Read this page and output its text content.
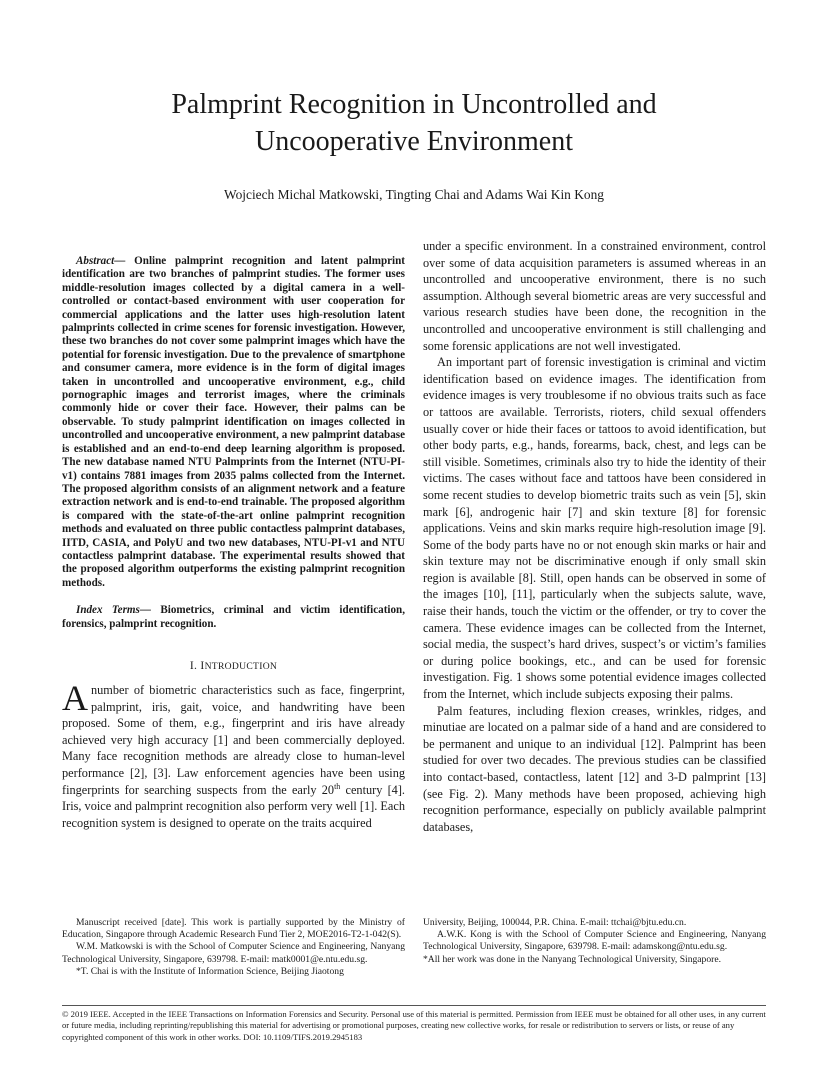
Palmprint Recognition in Uncontrolled and
Uncooperative Environment
Wojciech Michal Matkowski, Tingting Chai and Adams Wai Kin Kong

Abstract— Online palmprint recognition and latent palmprint identification are two branches of palmprint studies. The former uses middle-resolution images collected by a digital camera in a well-controlled or contact-based environment with user cooperation for commercial applications and the latter uses high-resolution latent palmprints collected in crime scenes for forensic investigation. However, these two branches do not cover some palmprint images which have the potential for forensic investigation. Due to the prevalence of smartphone and consumer camera, more evidence is in the form of digital images taken in uncontrolled and uncooperative environment, e.g., child pornographic images and terrorist images, where the criminals commonly hide or cover their face. However, their palms can be observable. To study palmprint identification on images collected in uncontrolled and uncooperative environment, a new palmprint database is established and an end-to-end deep learning algorithm is proposed. The new database named NTU Palmprints from the Internet (NTU-PI-v1) contains 7881 images from 2035 palms collected from the Internet. The proposed algorithm consists of an alignment network and a feature extraction network and is end-to-end trainable. The proposed algorithm is compared with the state-of-the-art online palmprint recognition methods and evaluated on three public contactless palmprint databases, IITD, CASIA, and PolyU and two new databases, NTU-PI-v1 and NTU contactless palmprint database. The experimental results showed that the proposed algorithm outperforms the existing palmprint recognition methods.

Index Terms— Biometrics, criminal and victim identification, forensics, palmprint recognition.

I. INTRODUCTION

Anumber of biometric characteristics such as face, fingerprint, palmprint, iris, gait, voice, and handwriting have been proposed. Some of them, e.g., fingerprint and iris have already achieved very high accuracy [1] and been commercially deployed. Many face recognition methods are already close to human-level performance [2], [3]. Law enforcement agencies have been using fingerprints for searching suspects from the early 20th century [4]. Iris, voice and palmprint recognition also perform very well [1]. Each recognition system is designed to operate on the traits acquired

under a specific environment. In a constrained environment, control over some of data acquisition parameters is assumed whereas in an uncontrolled and uncooperative environment, there is no such assumption. Although several biometric areas are very successful and various research studies have been done, the recognition in the uncontrolled and uncooperative environment is still challenging and some forensic applications are not well investigated.

An important part of forensic investigation is criminal and victim identification based on evidence images. The identification from evidence images is very troublesome if no obvious traits such as face or tattoos are available. Terrorists, rioters, child sexual offenders usually cover or hide their faces or tattoos to avoid identification, but other body parts, e.g., hands, forearms, back, chest, and legs can be still visible. Sometimes, criminals also try to hide the identity of their victims. The cases without face and tattoos have been considered in some recent studies to develop biometric traits such as vein [5], skin mark [6], androgenic hair [7] and skin texture [8] for forensic applications. Veins and skin marks require high-resolution image [9]. Some of the body parts have no or not enough skin marks or hair and skin texture may not be discriminative enough if only small skin region is available [8]. Still, open hands can be observed in some of the images [10], [11], particularly when the subjects salute, wave, raise their hands, touch the victim or the offender, or try to cover the camera. These evidence images can be collected from the Internet, social media, the suspect’s hard drives, suspect’s or victim’s families or during police bookings, etc., and can be used for forensic investigation. Fig. 1 shows some potential evidence images collected from the Internet, which include subjects exposing their palms.

Palm features, including flexion creases, wrinkles, ridges, and minutiae are located on a palmar side of a hand and are considered to be permanent and unique to an individual [12]. Palmprint has been studied for over two decades. The previous studies can be classified into contact-based, contactless, latent [12] and 3-D palmprint [13] (see Fig. 2). Many methods have been proposed, achieving high recognition performance, especially on publicly available palmprint databases,

Manuscript received [date]. This work is partially supported by the Ministry of Education, Singapore through Academic Research Fund Tier 2, MOE2016-T2-1-042(S).

W.M. Matkowski is with the School of Computer Science and Engineering, Nanyang Technological University, Singapore, 639798. E-mail: matk0001@e.ntu.edu.sg.

*T. Chai is with the Institute of Information Science, Beijing Jiaotong

University, Beijing, 100044, P.R. China. E-mail: ttchai@bjtu.edu.cn.

A.W.K. Kong is with the School of Computer Science and Engineering, Nanyang Technological University, Singapore, 639798. E-mail: adamskong@ntu.edu.sg.

*All her work was done in the Nanyang Technological University, Singapore.

© 2019 IEEE. Accepted in the IEEE Transactions on Information Forensics and Security. Personal use of this material is permitted. Permission from IEEE must be obtained for all other uses, in any current or future media, including reprinting/republishing this material for advertising or promotional purposes, creating new collective works, for resale or redistribution to servers or lists, or reuse of any copyrighted component of this work in other works. DOI: 10.1109/TIFS.2019.2945183
